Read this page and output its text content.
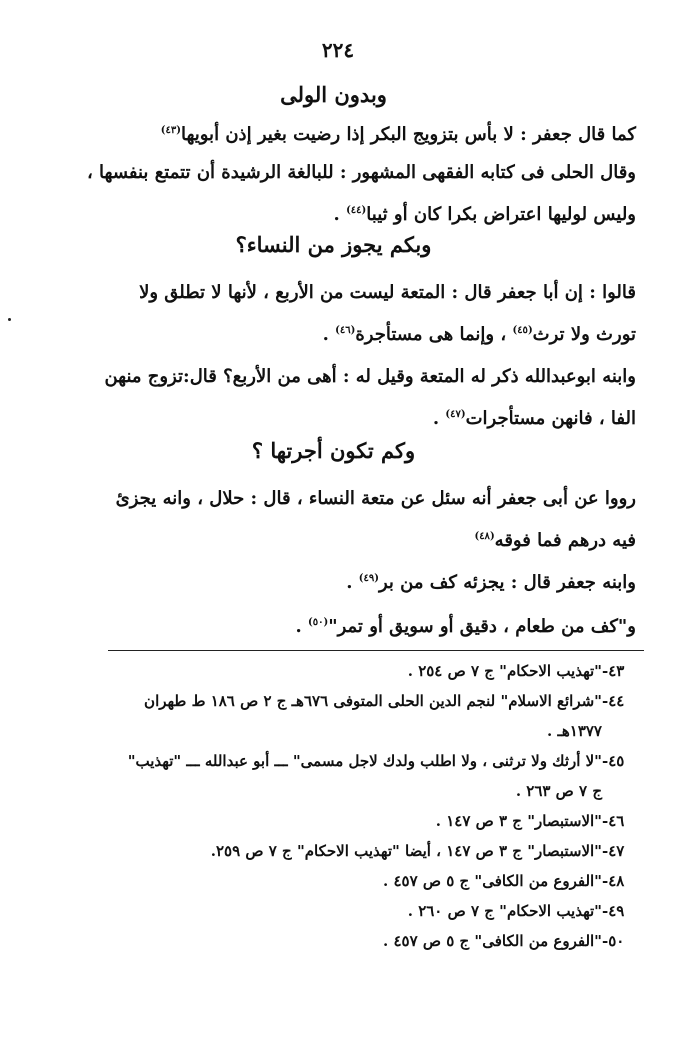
٢٢٤
وبدون الولى
كما قال جعفر : لا بأس بتزويج البكر إذا رضيت بغير إذن أبويها$^{(٤٣)}$
وقال الحلى فى كتابه الفقهى المشهور : للبالغة الرشيدة أن تتمتع بنفسها ،
وليس لوليها اعتراض بكرا كان أو ثيبا$^{(٤٤)}$ .
وبكم يجوز من النساء؟
قالوا : إن أبا جعفر قال : المتعة ليست من الأربع ، لأنها لا تطلق ولا
تورث ولا ترث$^{(٤٥)}$ ، وإنما هى مستأجرة$^{(٤٦)}$ .
وابنه ابوعبدالله ذكر له المتعة وقيل له : أهى من الأربع؟ قال:تزوج منهن
الفا ، فانهن مستأجرات$^{(٤٧)}$ .
وكم تكون أجرتها ؟
رووا عن أبى جعفر أنه سئل عن متعة النساء ، قال : حلال ، وانه يجزئ
فيه درهم فما فوقه$^{(٤٨)}$
وابنه جعفر قال : يجزئه كف من بر$^{(٤٩)}$ .
و"كف من طعام ، دقيق أو سويق أو تمر"$^{(٥٠)}$ .
٤٣-"تهذيب الاحكام" ج ٧ ص ٢٥٤ .
٤٤-"شرائع الاسلام" لنجم الدين الحلى المتوفى ٦٧٦هـ ج ٢ ص ١٨٦ ط طهران
١٣٧٧هـ .
٤٥-"لا أرثك ولا ترثنى ، ولا اطلب ولدك لاجل مسمى" ـــ أبو عبدالله ـــ "تهذيب"
ج ٧ ص ٢٦٣ .
٤٦-"الاستبصار" ج ٣ ص ١٤٧ .
٤٧-"الاستبصار" ج ٣ ص ١٤٧ ، أيضا "تهذيب الاحكام" ج ٧ ص ٢٥٩.
٤٨-"الفروع من الكافى" ج ٥ ص ٤٥٧ .
٤٩-"تهذيب الاحكام" ج ٧ ص ٢٦٠ .
٥٠-"الفروع من الكافى" ج ٥ ص ٤٥٧ .
